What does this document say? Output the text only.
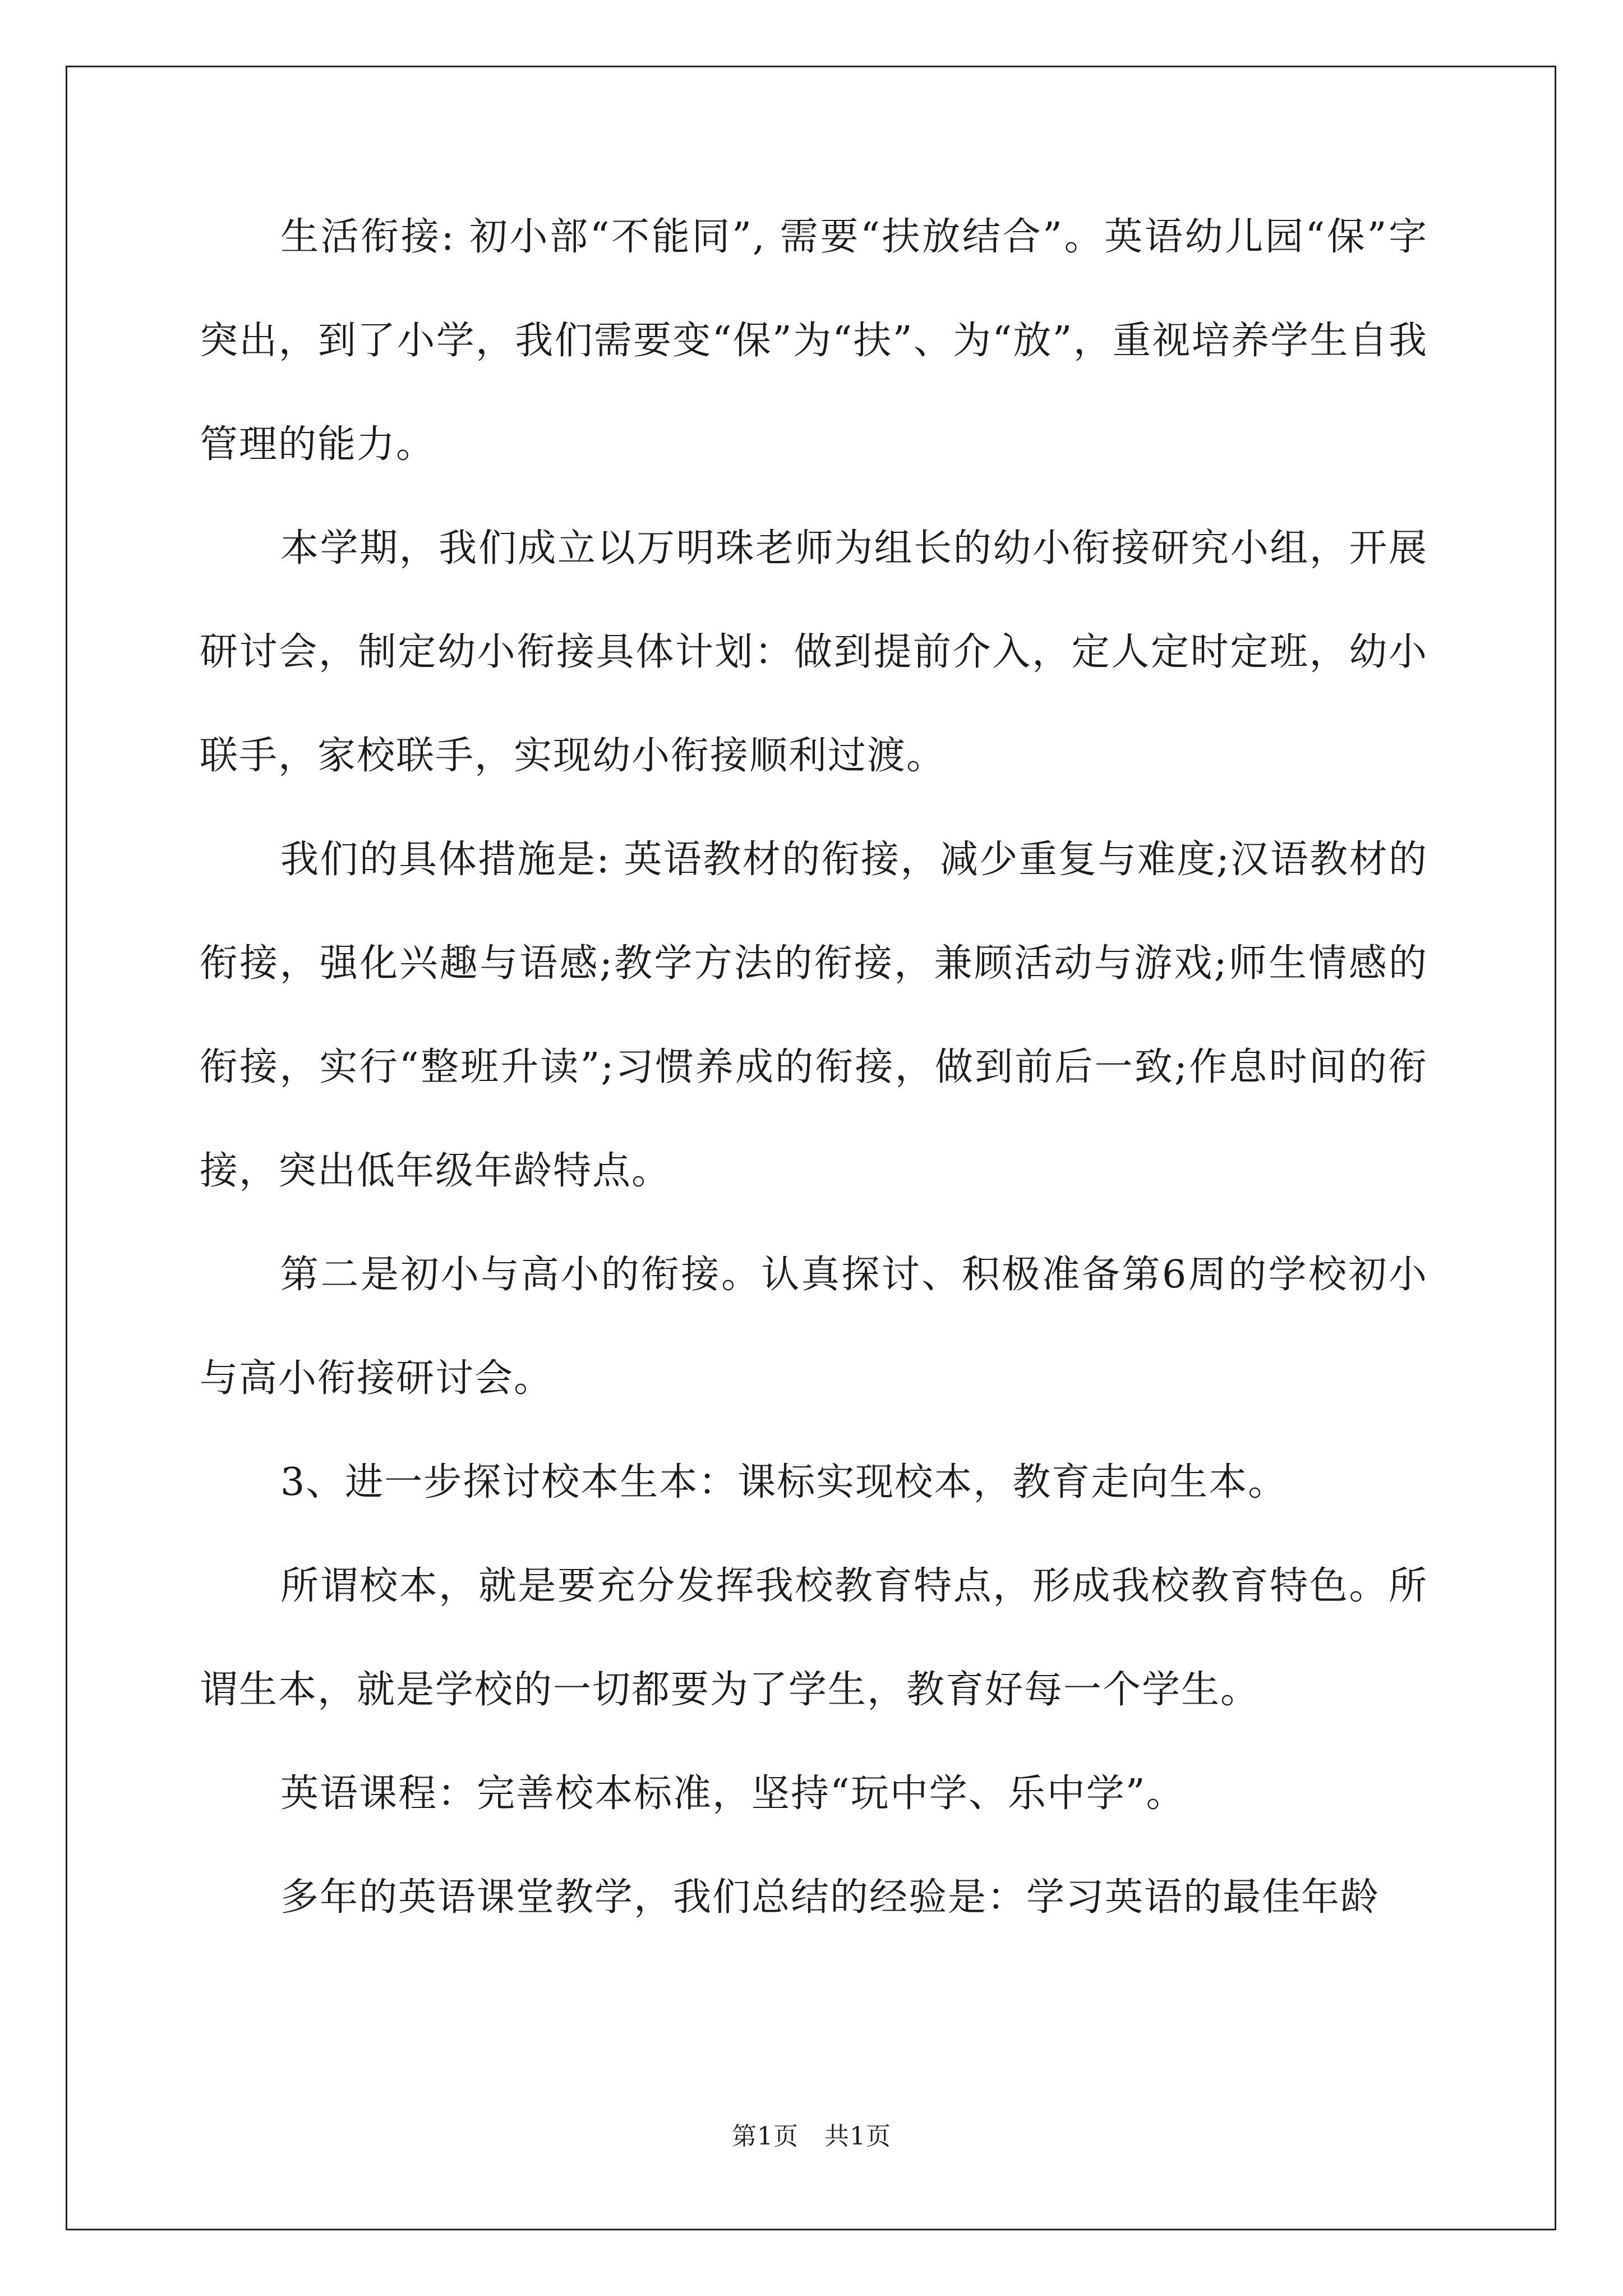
生活衔接: 初小部“不能同”, 需要“扶放结合”。英语幼儿园“保”字突出，到了小学，我们需要变“保”为“扶”、为“放”，重视培养学生自我管理的能力。

本学期，我们成立以万明珠老师为组长的幼小衔接研究小组，开展研讨会，制定幼小衔接具体计划：做到提前介入，定人定时定班，幼小联手，家校联手，实现幼小衔接顺利过渡。

我们的具体措施是: 英语教材的衔接，减少重复与难度;汉语教材的衔接，强化兴趣与语感;教学方法的衔接，兼顾活动与游戏;师生情感的衔接，实行“整班升读”;习惯养成的衔接，做到前后一致;作息时间的衔接，突出低年级年龄特点。

第二是初小与高小的衔接。认真探讨、积极准备第6周的学校初小与高小衔接研讨会。

3、进一步探讨校本生本：课标实现校本，教育走向生本。

所谓校本，就是要充分发挥我校教育特点，形成我校教育特色。所谓生本，就是学校的一切都要为了学生，教育好每一个学生。

英语课程：完善校本标准，坚持“玩中学、乐中学”。

多年的英语课堂教学，我们总结的经验是：学习英语的最佳年龄

第1页 共1页
